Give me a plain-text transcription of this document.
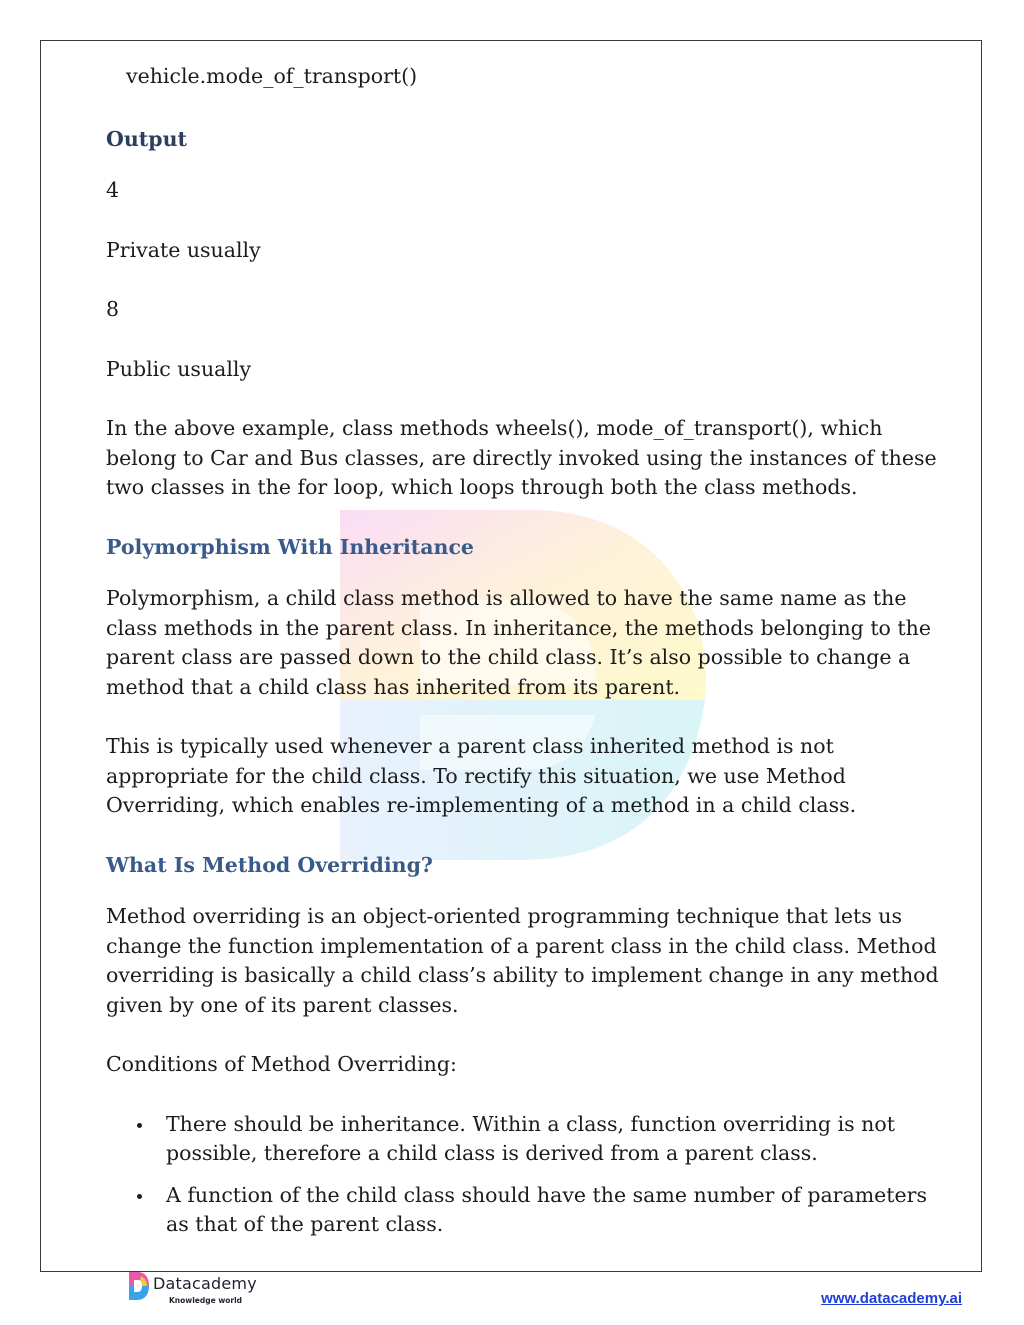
vehicle.mode_of_transport()

Output

4

Private usually

8

Public usually

In the above example, class methods wheels(), mode_of_transport(), which belong to Car and Bus classes, are directly invoked using the instances of these two classes in the for loop, which loops through both the class methods.

Polymorphism With Inheritance

Polymorphism, a child class method is allowed to have the same name as the class methods in the parent class. In inheritance, the methods belonging to the parent class are passed down to the child class. It’s also possible to change a method that a child class has inherited from its parent.

This is typically used whenever a parent class inherited method is not appropriate for the child class. To rectify this situation, we use Method Overriding, which enables re-implementing of a method in a child class.

What Is Method Overriding?

Method overriding is an object-oriented programming technique that lets us change the function implementation of a parent class in the child class. Method overriding is basically a child class’s ability to implement change in any method given by one of its parent classes.

Conditions of Method Overriding:

There should be inheritance. Within a class, function overriding is not possible, therefore a child class is derived from a parent class.
A function of the child class should have the same number of parameters as that of the parent class.
Datacademy
Knowledge world	www.datacademy.ai
